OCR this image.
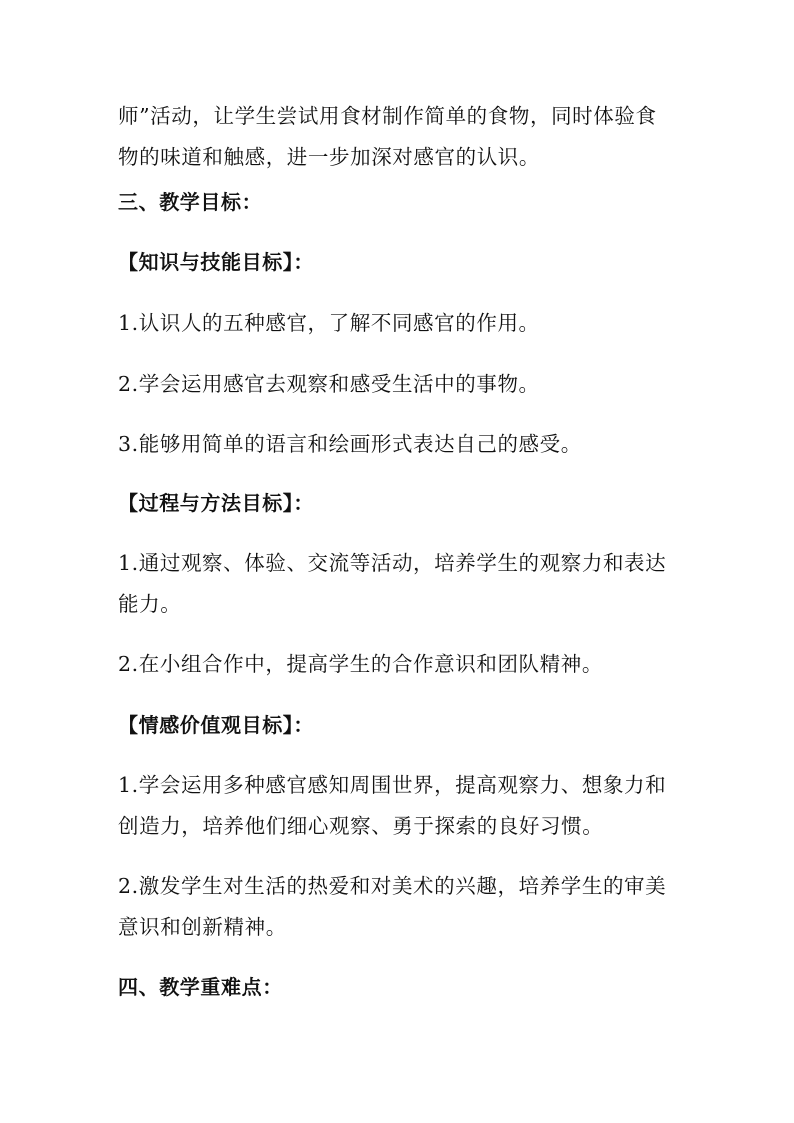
师”活动，让学生尝试用食材制作简单的食物，同时体验食
物的味道和触感，进一步加深对感官的认识。
三、教学目标：
【知识与技能目标】：
1.认识人的五种感官，了解不同感官的作用。
2.学会运用感官去观察和感受生活中的事物。
3.能够用简单的语言和绘画形式表达自己的感受。
【过程与方法目标】：
1.通过观察、体验、交流等活动，培养学生的观察力和表达
能力。
2.在小组合作中，提高学生的合作意识和团队精神。
【情感价值观目标】：
1.学会运用多种感官感知周围世界，提高观察力、想象力和
创造力，培养他们细心观察、勇于探索的良好习惯。
2.激发学生对生活的热爱和对美术的兴趣，培养学生的审美
意识和创新精神。
四、教学重难点：
